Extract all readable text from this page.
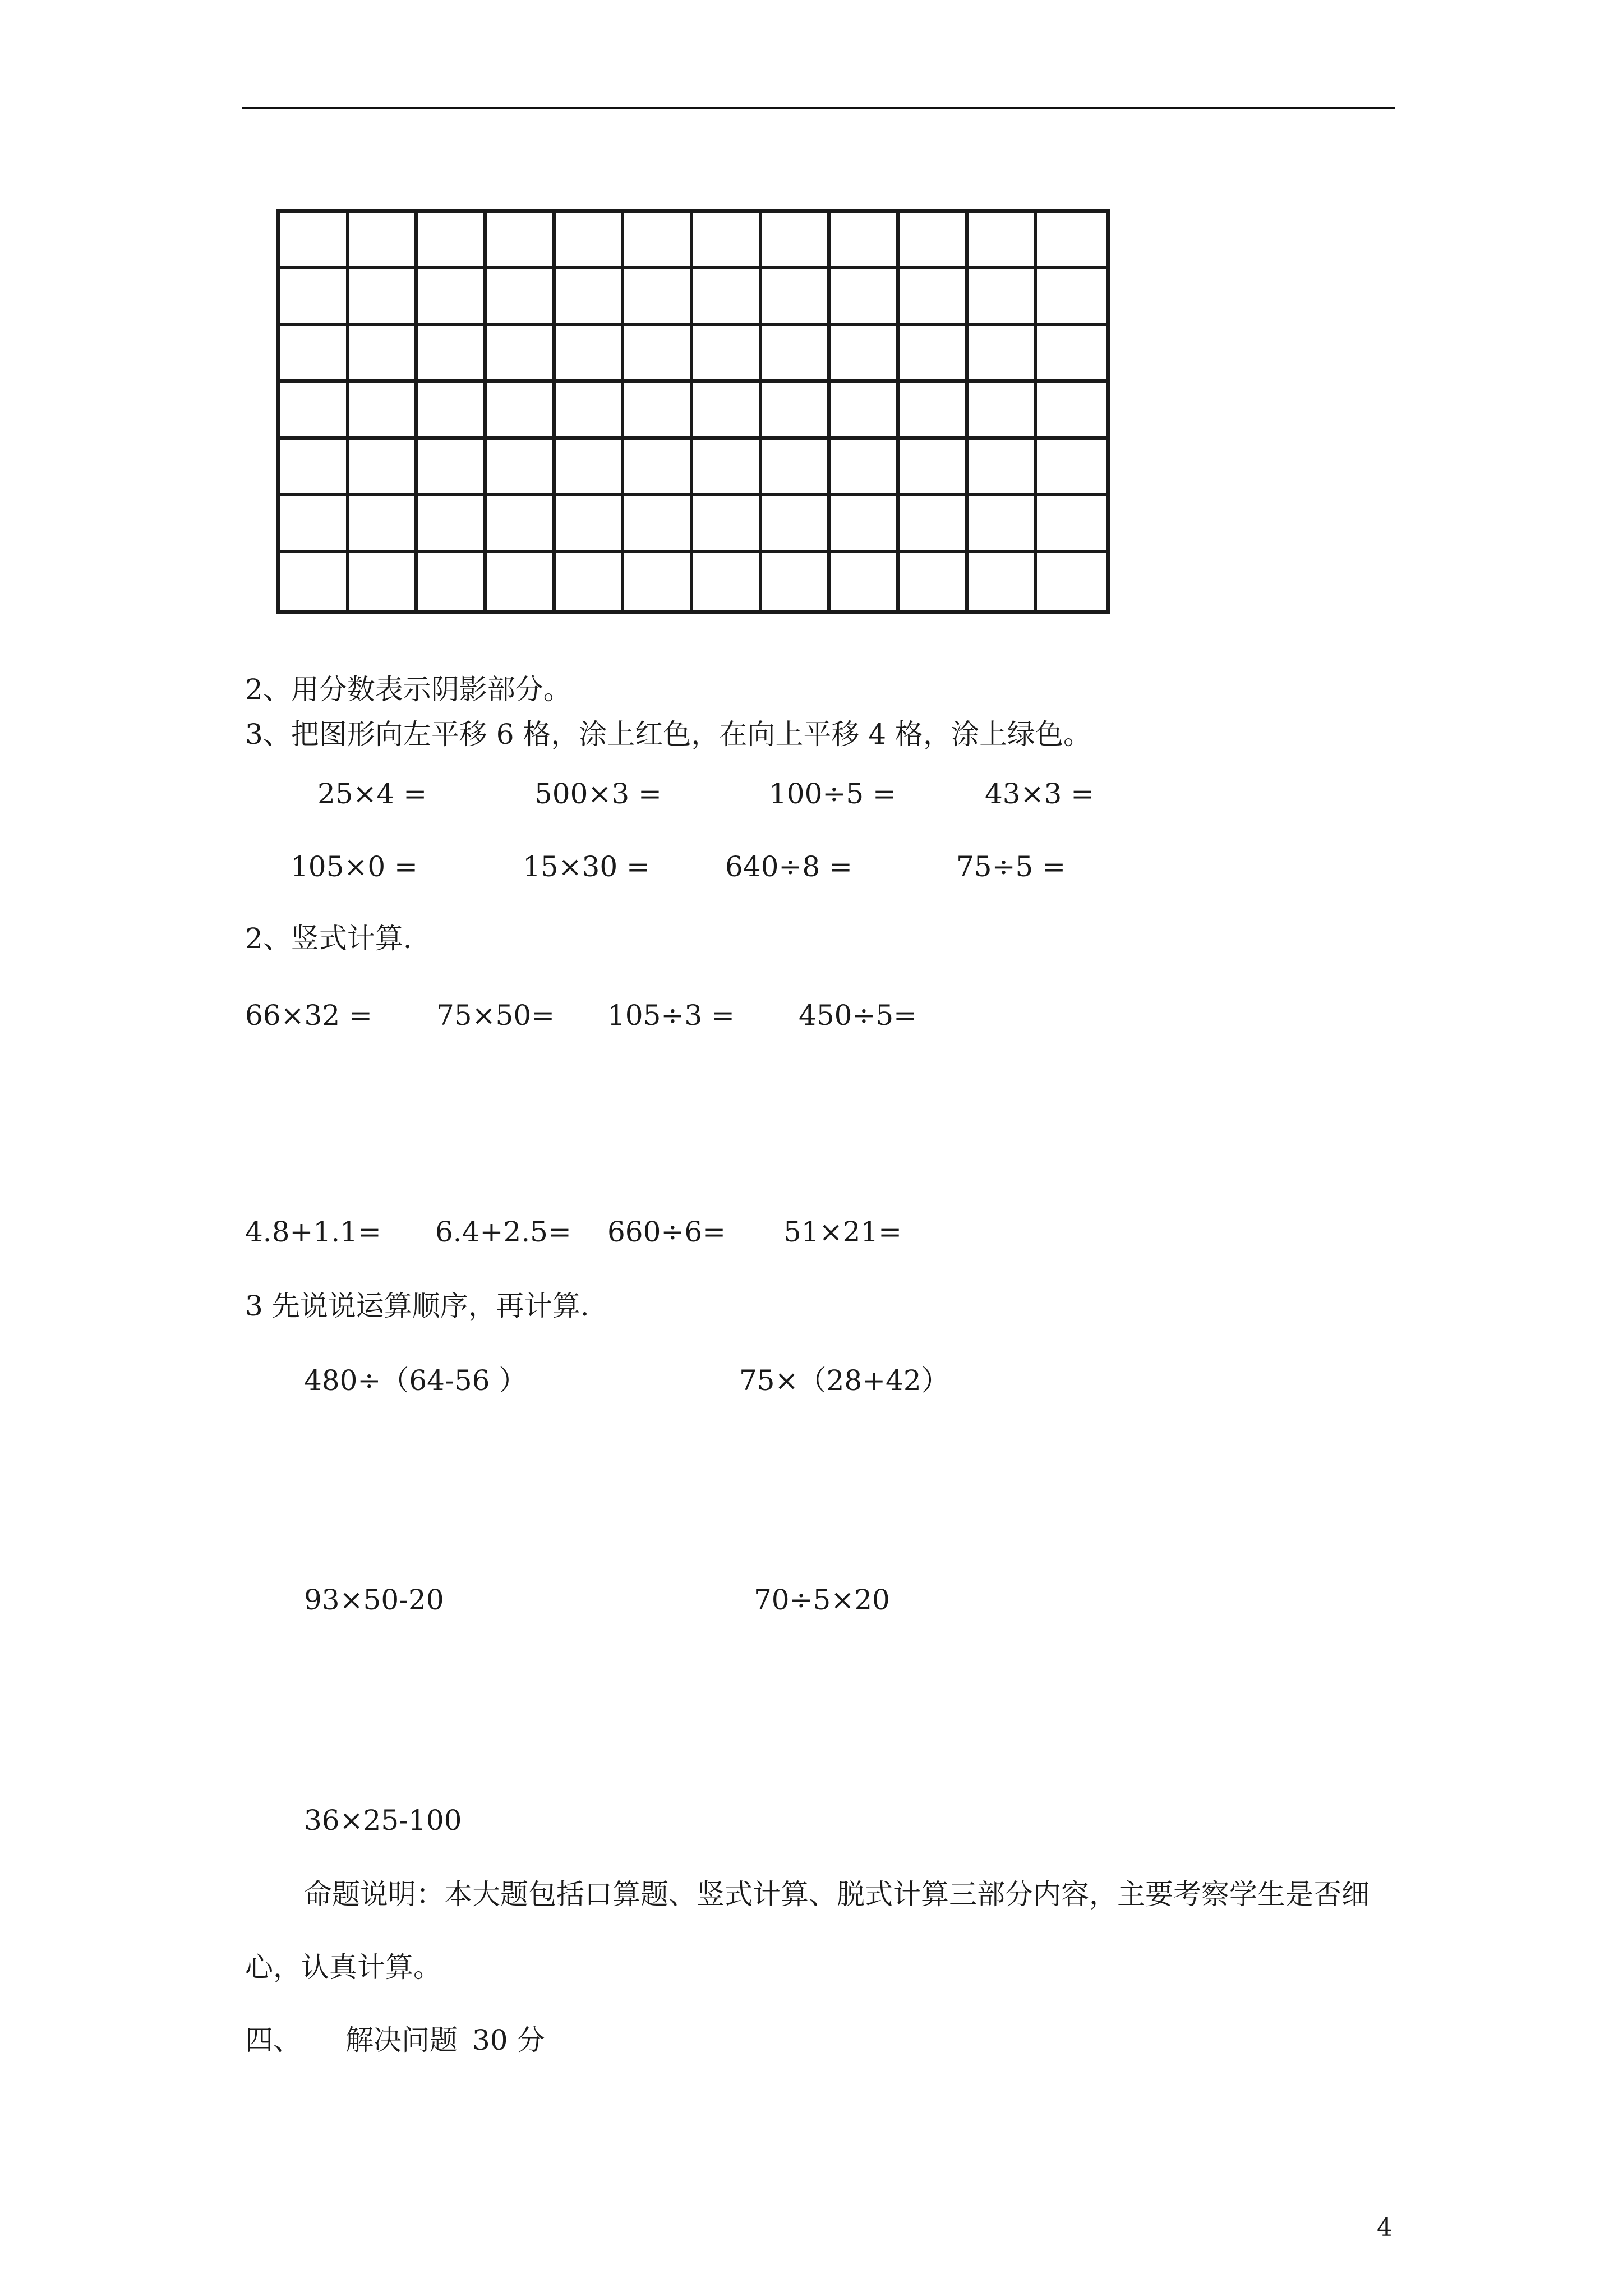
2、用分数表示阴影部分。
3、把图形向左平移 6 格，涂上红色，在向上平移 4 格，涂上绿色。
25×4 =	500×3 =	100÷5 =	43×3 =
105×0 =	15×30 =	640÷8 =	75÷5 =
2、竖式计算.
66×32 = 75×50= 105÷3 = 450÷5=
4.8+1.1= 6.4+2.5= 660÷6= 51×21=
3 先说说运算顺序，再计算.
480÷（64-56 ）	75×（28+42）
93×50-20	70÷5×20
36×25-100
命题说明：本大题包括口算题、竖式计算、脱式计算三部分内容，主要考察学生是否细
心，认真计算。
四、 解决问题 30 分
4
